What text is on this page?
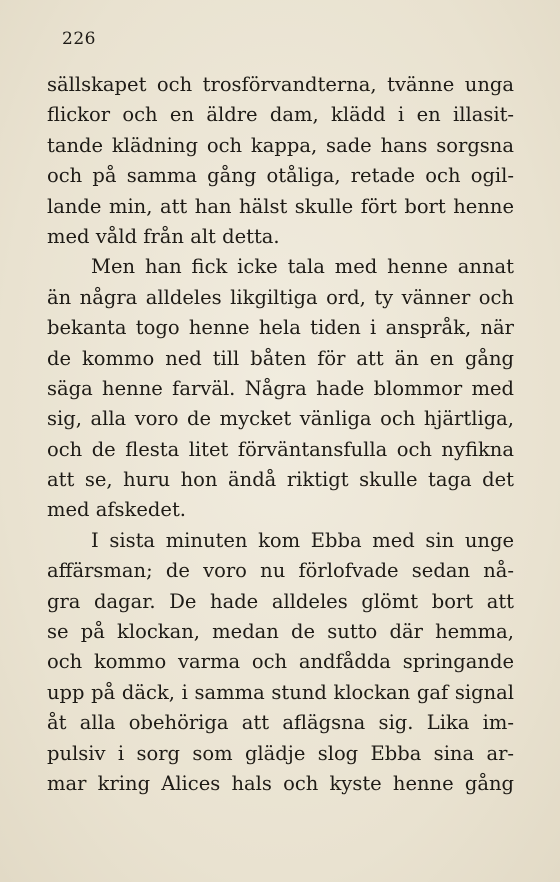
226
sällskapet och trosförvandterna, tvänne unga
flickor och en äldre dam, klädd i en illasit-
tande klädning och kappa, sade hans sorgsna
och på samma gång otåliga, retade och ogil-
lande min, att han hälst skulle fört bort henne
med våld från alt detta.
Men han fick icke tala med henne annat
än några alldeles likgiltiga ord, ty vänner och
bekanta togo henne hela tiden i anspråk, när
de kommo ned till båten för att än en gång
säga henne farväl. Några hade blommor med
sig, alla voro de mycket vänliga och hjärtliga,
och de flesta litet förväntansfulla och nyfikna
att se, huru hon ändå riktigt skulle taga det
med afskedet.
I sista minuten kom Ebba med sin unge
affärsman; de voro nu förlofvade sedan nå-
gra dagar. De hade alldeles glömt bort att
se på klockan, medan de sutto där hemma,
och kommo varma och andfådda springande
upp på däck, i samma stund klockan gaf signal
åt alla obehöriga att aflägsna sig. Lika im-
pulsiv i sorg som glädje slog Ebba sina ar-
mar kring Alices hals och kyste henne gång
